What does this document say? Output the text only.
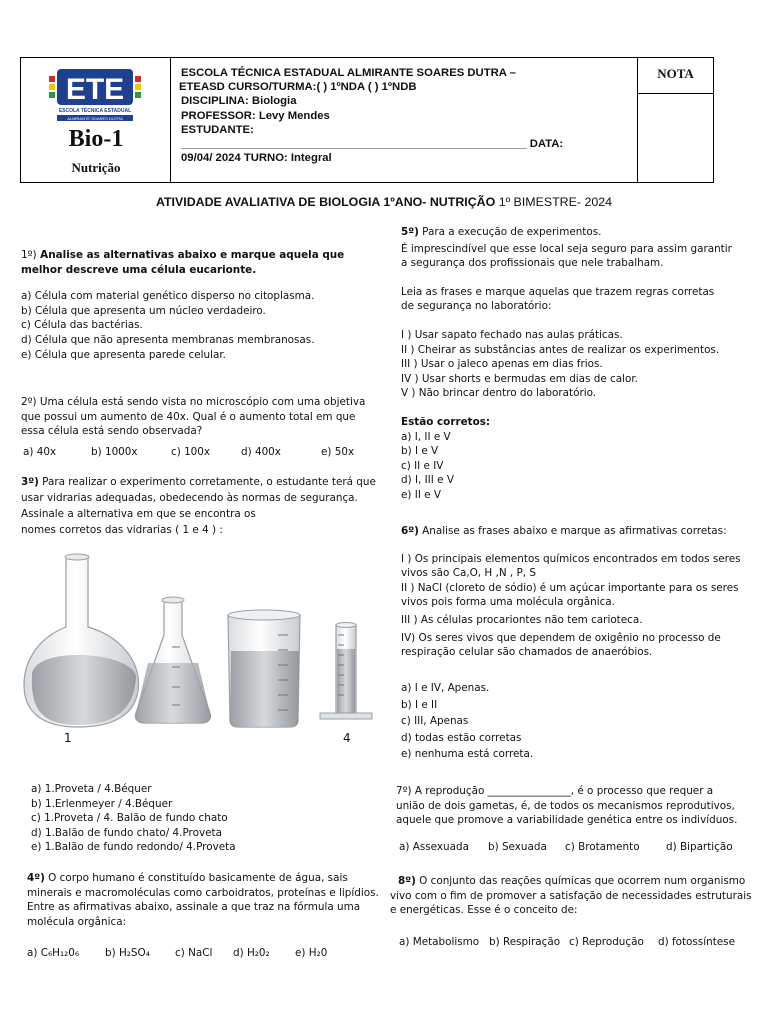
ETE
ESCOLA TÉCNICA ESTADUAL
ALMIRANTE SOARES DUTRA
Bio-1
Nutrição
ESCOLA TÉCNICA ESTADUAL ALMIRANTE SOARES DUTRA –
ETEASD CURSO/TURMA:( ) 1ºNDA ( ) 1ºNDB
DISCIPLINA: Biologia
PROFESSOR: Levy Mendes
ESTUDANTE:
_______________________________________________________ DATA:
09/04/ 2024 TURNO: Integral
NOTA
ATIVIDADE AVALIATIVA DE BIOLOGIA 1ºANO- NUTRIÇÃO 1º BIMESTRE- 2024
1º) Analise as alternativas abaixo e marque aquela que
melhor descreve uma célula eucarionte.
a) Célula com material genético disperso no citoplasma.
b) Célula que apresenta um núcleo verdadeiro.
c) Célula das bactérias.
d) Célula que não apresenta membranas membranosas.
e) Célula que apresenta parede celular.
2º) Uma célula está sendo vista no microscópio com uma objetiva
que possui um aumento de 40x. Qual é o aumento total em que
essa célula está sendo observada?
a) 40x	b) 1000x	c) 100x	d) 400x	e) 50x
3º) Para realizar o experimento corretamente, o estudante terá que
usar vidrarias adequadas, obedecendo às normas de segurança.
Assinale a alternativa em que se encontra os
nomes corretos das vidrarias ( 1 e 4 ) :
1	4
a) 1.Proveta / 4.Béquer
b) 1.Erlenmeyer / 4.Béquer
c) 1.Proveta / 4. Balão de fundo chato
d) 1.Balão de fundo chato/ 4.Proveta
e) 1.Balão de fundo redondo/ 4.Proveta
4º) O corpo humano é constituído basicamente de água, sais
minerais e macromoléculas como carboidratos, proteínas e lipídios.
Entre as afirmativas abaixo, assinale a que traz na fórmula uma
molécula orgânica:
a) C₆H₁₂0₆ b) H₂SO₄ c) NaCl d) H₂0₂ e) H₂0
5º) Para a execução de experimentos.
É imprescindível que esse local seja seguro para assim garantir
a segurança dos profissionais que nele trabalham.
Leia as frases e marque aquelas que trazem regras corretas
de segurança no laboratório:
I ) Usar sapato fechado nas aulas práticas.
II ) Cheirar as substâncias antes de realizar os experimentos.
III ) Usar o jaleco apenas em dias frios.
IV ) Usar shorts e bermudas em dias de calor.
V ) Não brincar dentro do laboratório.
Estão corretos:
a) I, II e V
b) I e V
c) II e IV
d) I, III e V
e) II e V
6º) Analise as frases abaixo e marque as afirmativas corretas:
I ) Os principais elementos químicos encontrados em todos seres
vivos são Ca,O, H ,N , P, S
II ) NaCl (cloreto de sódio) é um açúcar importante para os seres
vivos pois forma uma molécula orgânica.
III ) As células procariontes não tem carioteca.
IV) Os seres vivos que dependem de oxigênio no processo de
respiração celular são chamados de anaeróbios.
a) I e IV, Apenas.
b) I e II
c) III, Apenas
d) todas estão corretas
e) nenhuma está correta.
7º) A reprodução ________________, é o processo que requer a
união de dois gametas, é, de todos os mecanismos reprodutivos,
aquele que promove a variabilidade genética entre os indivíduos.
a) Assexuada b) Sexuada c) Brotamento	d) Bipartição
8º) O conjunto das reações químicas que ocorrem num organismo
vivo com o fim de promover a satisfação de necessidades estruturais
e energéticas. Esse é o conceito de:
a) Metabolismo b) Respiração c) Reprodução d) fotossíntese
